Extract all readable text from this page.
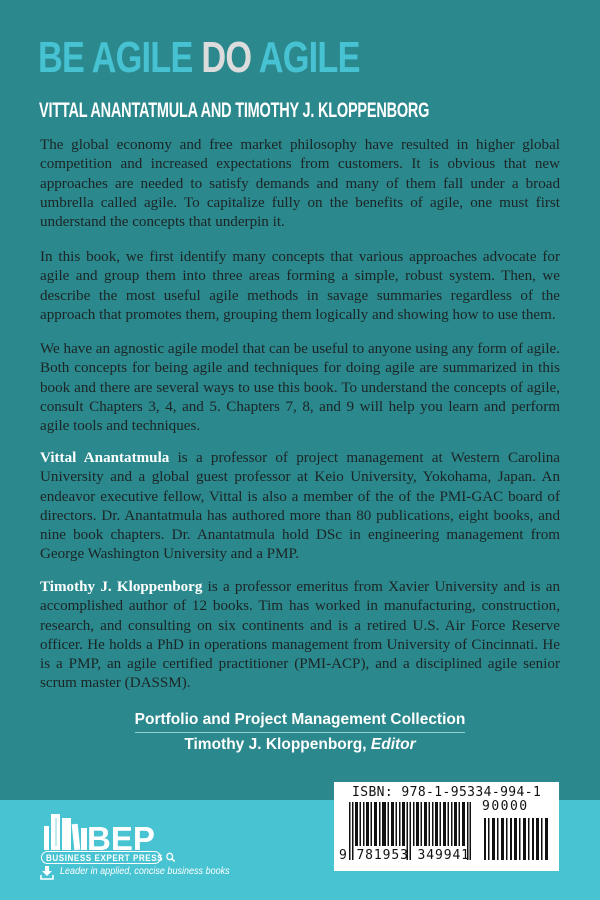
BE AGILE DO AGILE
VITTAL ANANTATMULA AND TIMOTHY J. KLOPPENBORG

The global economy and free market philosophy have resulted in higher global competition and increased expectations from customers. It is obvious that new approaches are needed to satisfy demands and many of them fall under a broad umbrella called agile. To capitalize fully on the benefits of agile, one must first understand the concepts that underpin it.

In this book, we first identify many concepts that various approaches advocate for agile and group them into three areas forming a simple, robust system. Then, we describe the most useful agile methods in savage summaries regardless of the approach that promotes them, grouping them logically and showing how to use them.

We have an agnostic agile model that can be useful to anyone using any form of agile. Both concepts for being agile and techniques for doing agile are summarized in this book and there are several ways to use this book. To understand the concepts of agile, consult Chapters 3, 4, and 5. Chapters 7, 8, and 9 will help you learn and perform agile tools and techniques.

Vittal Anantatmula is a professor of project management at Western Carolina University and a global guest professor at Keio University, Yokohama, Japan. An endeavor executive fellow, Vittal is also a member of the of the PMI-GAC board of directors. Dr. Anantatmula has authored more than 80 publications, eight books, and nine book chapters. Dr. Anantatmula hold DSc in engineering management from George Washington University and a PMP.

Timothy J. Kloppenborg is a professor emeritus from Xavier University and is an accomplished author of 12 books. Tim has worked in manufacturing, construction, research, and consulting on six continents and is a retired U.S. Air Force Reserve officer. He holds a PhD in operations management from University of Cincinnati. He is a PMP, an agile certified practitioner (PMI-ACP), and a disciplined agile senior scrum master (DASSM).

Portfolio and Project Management Collection
Timothy J. Kloppenborg, Editor
BEP
BUSINESS EXPERT PRESS
Leader in applied, concise business books
ISBN: 978-1-95334-994-1
90000
9 781953 349941
